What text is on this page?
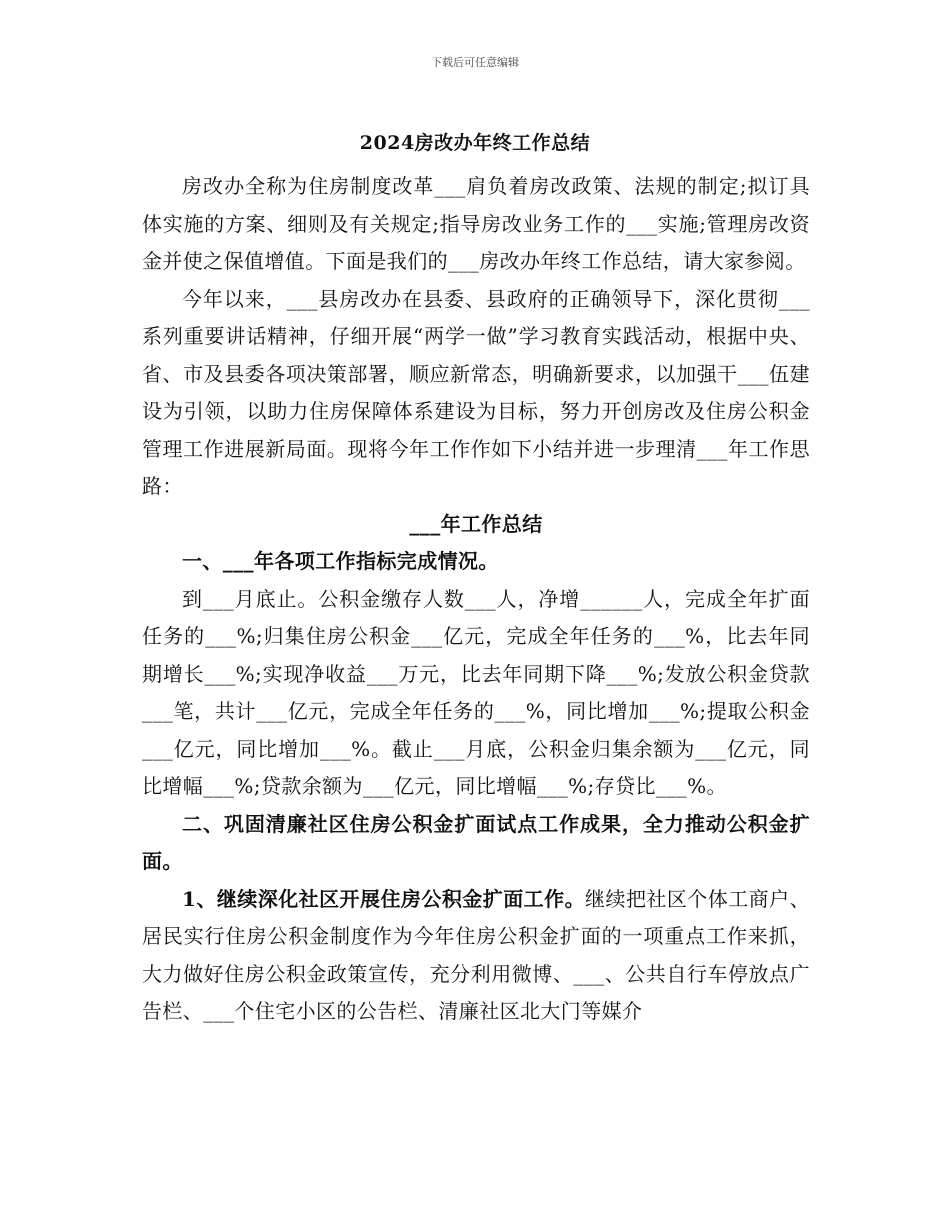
下载后可任意编辑
2024房改办年终工作总结

房改办全称为住房制度改革___肩负着房改政策、法规的制定;拟订具体实施的方案、细则及有关规定;指导房改业务工作的___实施;管理房改资金并使之保值增值。下面是我们的___房改办年终工作总结，请大家参阅。

今年以来，___县房改办在县委、县政府的正确领导下，深化贯彻___系列重要讲话精神，仔细开展“两学一做”学习教育实践活动，根据中央、省、市及县委各项决策部署，顺应新常态，明确新要求，以加强干___伍建设为引领，以助力住房保障体系建设为目标，努力开创房改及住房公积金管理工作进展新局面。现将今年工作作如下小结并进一步理清___年工作思路：

___年工作总结

一、___年各项工作指标完成情况。

到___月底止。公积金缴存人数___人，净增______人，完成全年扩面任务的___%;归集住房公积金___亿元，完成全年任务的___%，比去年同期增长___%;实现净收益___万元，比去年同期下降___%;发放公积金贷款___笔，共计___亿元，完成全年任务的___%，同比增加___%;提取公积金___亿元，同比增加___%。截止___月底，公积金归集余额为___亿元，同比增幅___%;贷款余额为___亿元，同比增幅___%;存贷比___%。

二、巩固清廉社区住房公积金扩面试点工作成果，全力推动公积金扩面。

1、继续深化社区开展住房公积金扩面工作。继续把社区个体工商户、居民实行住房公积金制度作为今年住房公积金扩面的一项重点工作来抓，大力做好住房公积金政策宣传，充分利用微博、___、公共自行车停放点广告栏、___个住宅小区的公告栏、清廉社区北大门等媒介
